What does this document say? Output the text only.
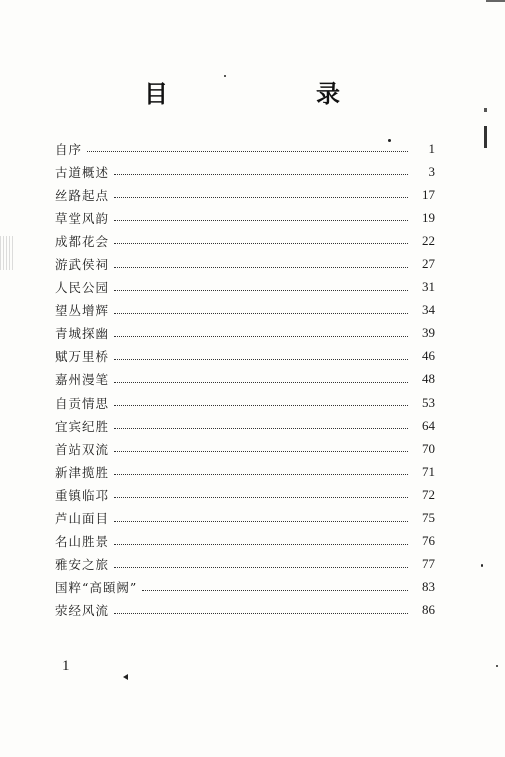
目	录
自序	1
古道概述	3
丝路起点	17
草堂风韵	19
成都花会	22
游武侯祠	27
人民公园	31
望丛增辉	34
青城探幽	39
赋万里桥	46
嘉州漫笔	48
自贡情思	53
宜宾纪胜	64
首站双流	70
新津揽胜	71
重镇临邛	72
芦山面目	75
名山胜景	76
雅安之旅	77
国粹“高頣阙”	83
荥经风流	86
1
